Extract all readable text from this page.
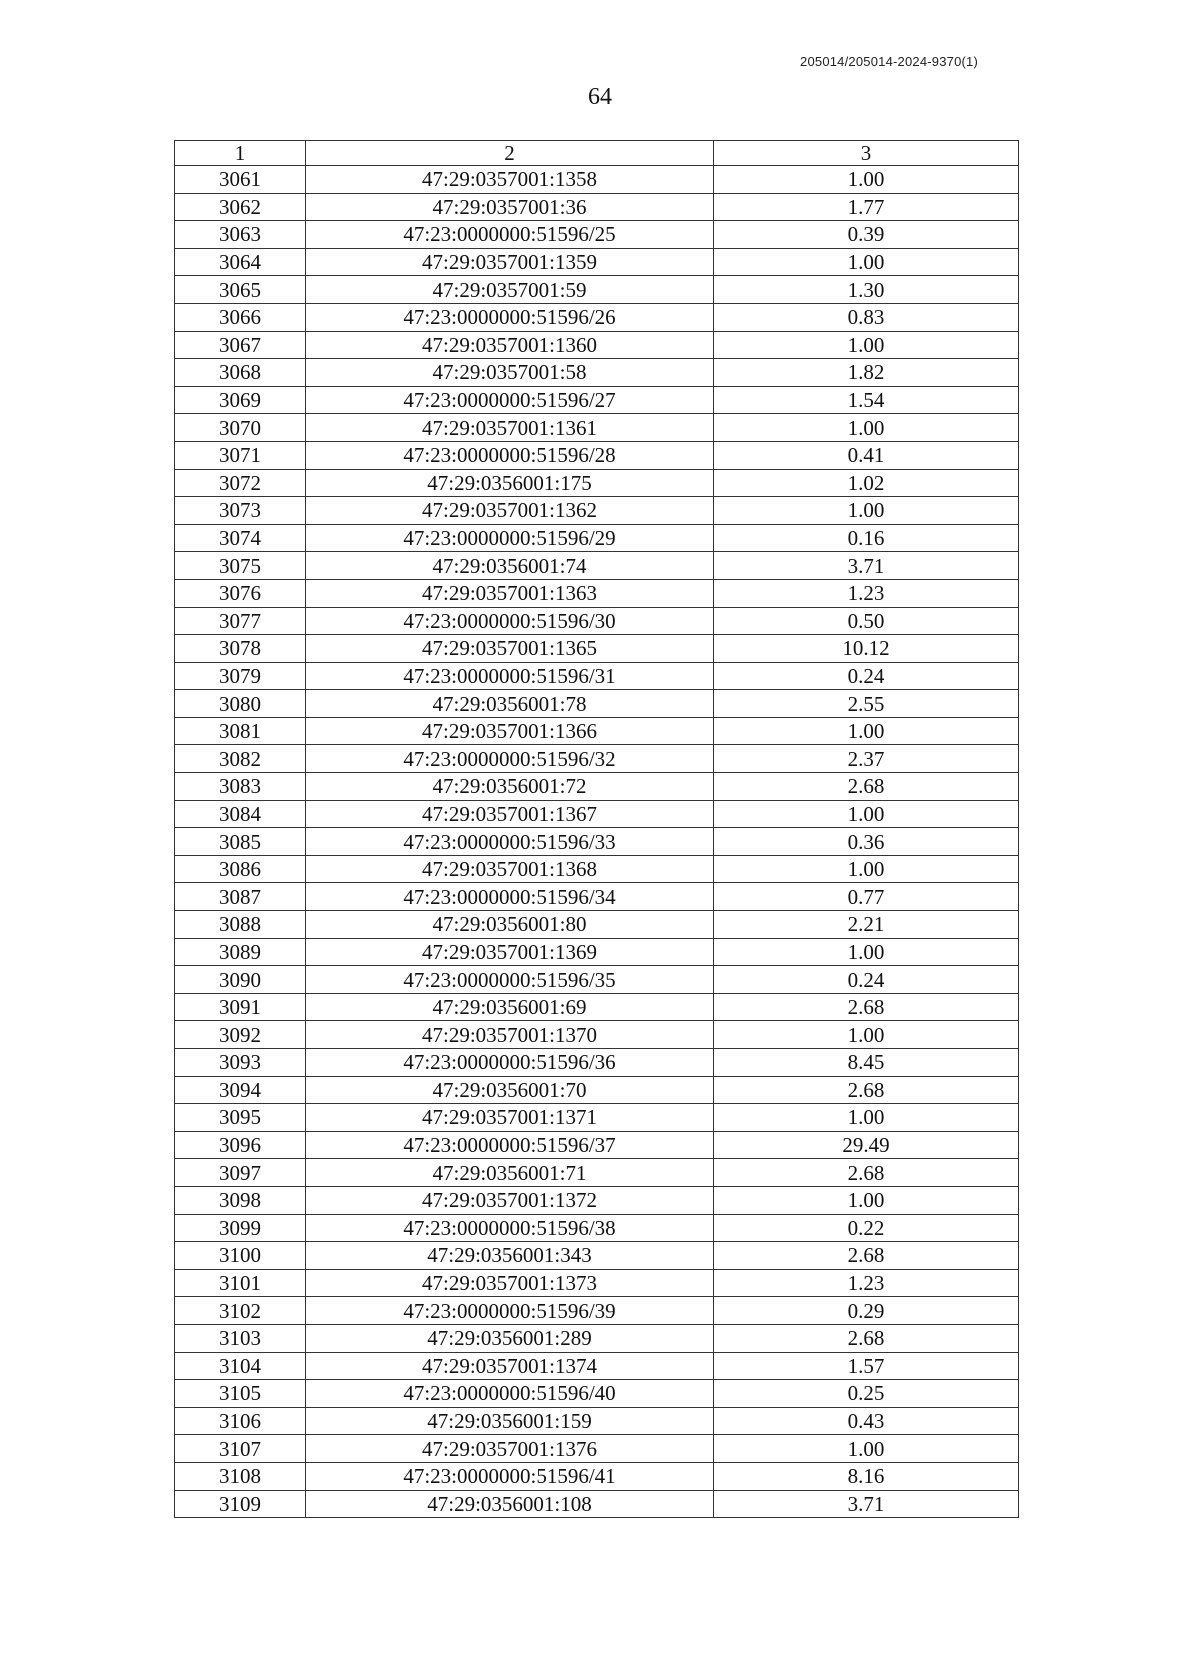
205014/205014-2024-9370(1)
64
1	2	3
3061	47:29:0357001:1358	1.00
3062	47:29:0357001:36	1.77
3063	47:23:0000000:51596/25	0.39
3064	47:29:0357001:1359	1.00
3065	47:29:0357001:59	1.30
3066	47:23:0000000:51596/26	0.83
3067	47:29:0357001:1360	1.00
3068	47:29:0357001:58	1.82
3069	47:23:0000000:51596/27	1.54
3070	47:29:0357001:1361	1.00
3071	47:23:0000000:51596/28	0.41
3072	47:29:0356001:175	1.02
3073	47:29:0357001:1362	1.00
3074	47:23:0000000:51596/29	0.16
3075	47:29:0356001:74	3.71
3076	47:29:0357001:1363	1.23
3077	47:23:0000000:51596/30	0.50
3078	47:29:0357001:1365	10.12
3079	47:23:0000000:51596/31	0.24
3080	47:29:0356001:78	2.55
3081	47:29:0357001:1366	1.00
3082	47:23:0000000:51596/32	2.37
3083	47:29:0356001:72	2.68
3084	47:29:0357001:1367	1.00
3085	47:23:0000000:51596/33	0.36
3086	47:29:0357001:1368	1.00
3087	47:23:0000000:51596/34	0.77
3088	47:29:0356001:80	2.21
3089	47:29:0357001:1369	1.00
3090	47:23:0000000:51596/35	0.24
3091	47:29:0356001:69	2.68
3092	47:29:0357001:1370	1.00
3093	47:23:0000000:51596/36	8.45
3094	47:29:0356001:70	2.68
3095	47:29:0357001:1371	1.00
3096	47:23:0000000:51596/37	29.49
3097	47:29:0356001:71	2.68
3098	47:29:0357001:1372	1.00
3099	47:23:0000000:51596/38	0.22
3100	47:29:0356001:343	2.68
3101	47:29:0357001:1373	1.23
3102	47:23:0000000:51596/39	0.29
3103	47:29:0356001:289	2.68
3104	47:29:0357001:1374	1.57
3105	47:23:0000000:51596/40	0.25
3106	47:29:0356001:159	0.43
3107	47:29:0357001:1376	1.00
3108	47:23:0000000:51596/41	8.16
3109	47:29:0356001:108	3.71
